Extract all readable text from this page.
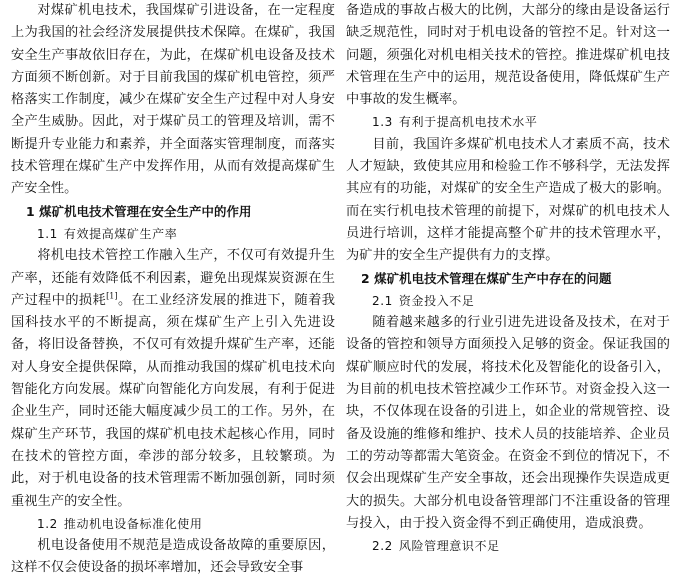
对煤矿机电技术，我国煤矿引进设备，在一定程度上为我国的社会经济发展提供技术保障。在煤矿，我国安全生产事故依旧存在，为此，在煤矿机电设备及技术方面须不断创新。对于目前我国的煤矿机电管控，须严格落实工作制度，减少在煤矿安全生产过程中对人身安全产生威胁。因此，对于煤矿员工的管理及培训，需不断提升专业能力和素养，并全面落实管理制度，而落实技术管理在煤矿生产中发挥作用，从而有效提高煤矿生产安全性。

1 煤矿机电技术管理在安全生产中的作用
1.1 有效提高煤矿生产率

将机电技术管控工作融入生产，不仅可有效提升生产率，还能有效降低不利因素，避免出现煤炭资源在生产过程中的损耗[1]。在工业经济发展的推进下，随着我国科技水平的不断提高，须在煤矿生产上引入先进设备，将旧设备替换，不仅可有效提升煤矿生产率，还能对人身安全提供保障，从而推动我国的煤矿机电技术向智能化方向发展。煤矿向智能化方向发展，有利于促进企业生产，同时还能大幅度减少员工的工作。另外，在煤矿生产环节，我国的煤矿机电技术起核心作用，同时在技术的管控方面，牵涉的部分较多，且较繁琐。为此，对于机电设备的技术管理需不断加强创新，同时须重视生产的安全性。

1.2 推动机电设备标准化使用

机电设备使用不规范是造成设备故障的重要原因，这样不仅会使设备的损坏率增加，还会导致安全事

备造成的事故占极大的比例，大部分的缘由是设备运行缺乏规范性，同时对于机电设备的管控不足。针对这一问题，须强化对机电相关技术的管控。推进煤矿机电技术管理在生产中的运用，规范设备使用，降低煤矿生产中事故的发生概率。

1.3 有利于提高机电技术水平

目前，我国许多煤矿机电技术人才素质不高，技术人才短缺，致使其应用和检验工作不够科学，无法发挥其应有的功能，对煤矿的安全生产造成了极大的影响。而在实行机电技术管理的前提下，对煤矿的机电技术人员进行培训，这样才能提高整个矿井的技术管理水平，为矿井的安全生产提供有力的支撑。

2 煤矿机电技术管理在煤矿生产中存在的问题
2.1 资金投入不足

随着越来越多的行业引进先进设备及技术，在对于设备的管控和领导方面须投入足够的资金。保证我国的煤矿顺应时代的发展，将技术化及智能化的设备引入，为目前的机电技术管控减少工作环节。对资金投入这一块，不仅体现在设备的引进上，如企业的常规管控、设备及设施的维修和维护、技术人员的技能培养、企业员工的劳动等都需大笔资金。在资金不到位的情况下，不仅会出现煤矿生产安全事故，还会出现操作失误造成更大的损失。大部分机电设备管理部门不注重设备的管理与投入，由于投入资金得不到正确使用，造成浪费。

2.2 风险管理意识不足
